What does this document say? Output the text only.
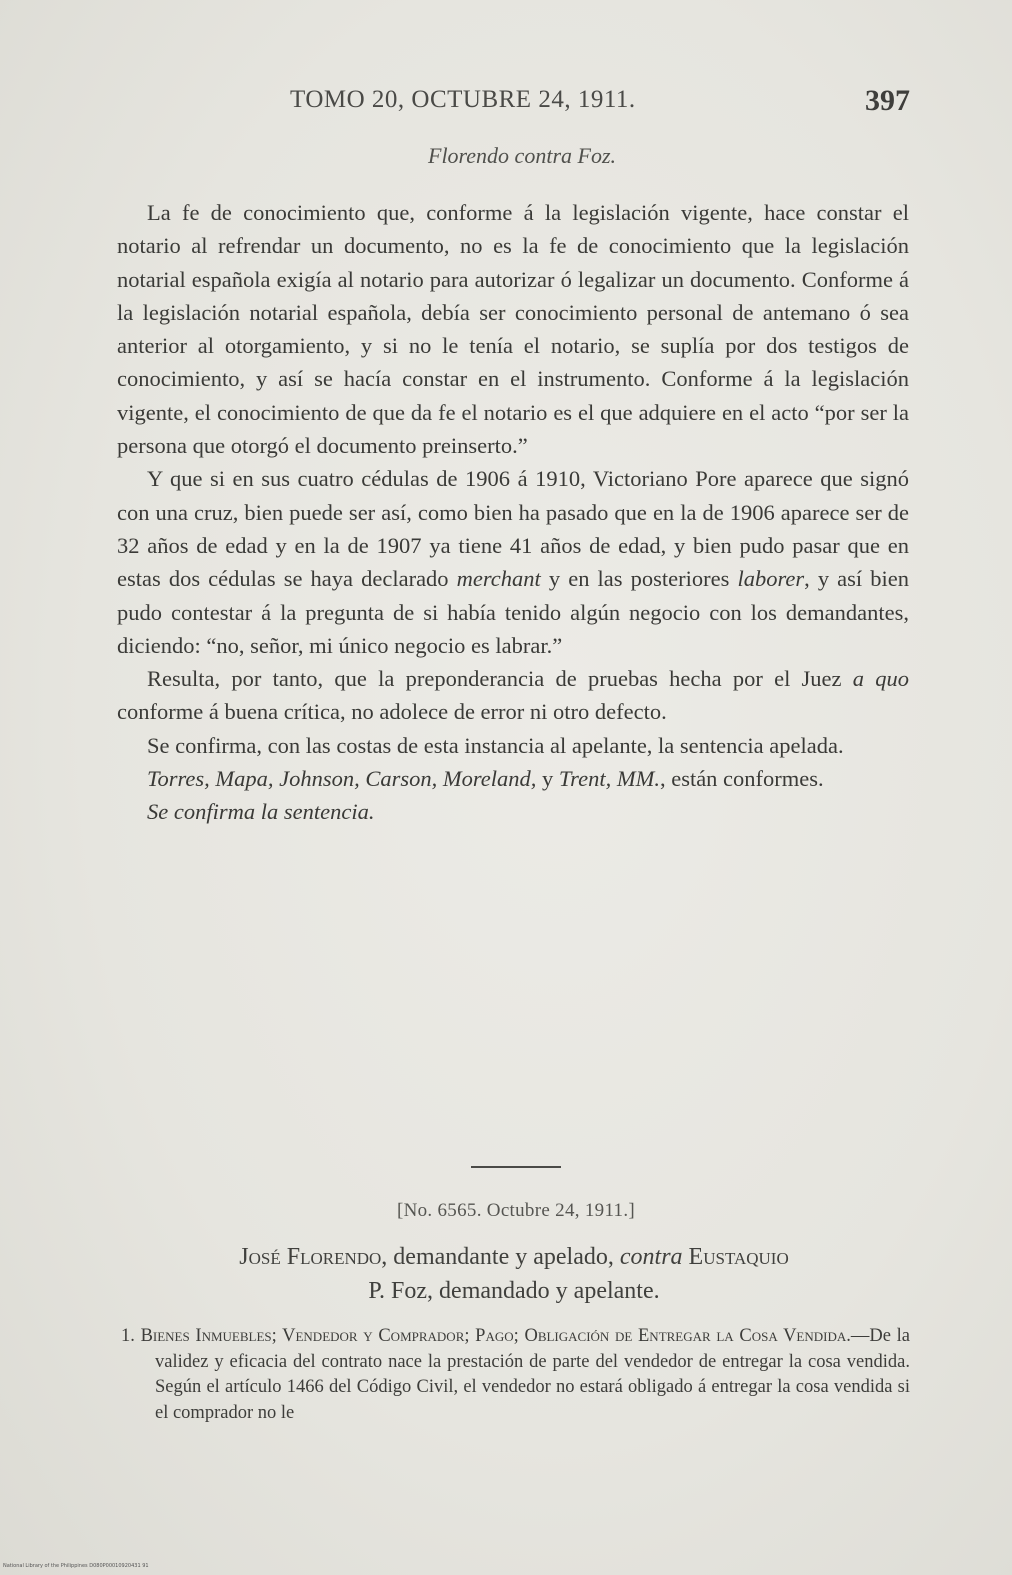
TOMO 20, OCTUBRE 24, 1911.	397
Florendo contra Foz.

La fe de conocimiento que, conforme á la legislación vigente, hace constar el notario al refrendar un documento, no es la fe de conocimiento que la legislación notarial española exigía al notario para autorizar ó legalizar un documento. Conforme á la legislación notarial española, debía ser conocimiento personal de antemano ó sea anterior al otorgamiento, y si no le tenía el notario, se suplía por dos testigos de conocimiento, y así se hacía constar en el instrumento. Conforme á la legislación vigente, el conocimiento de que da fe el notario es el que adquiere en el acto “por ser la persona que otorgó el documento preinserto.”

Y que si en sus cuatro cédulas de 1906 á 1910, Victoriano Pore aparece que signó con una cruz, bien puede ser así, como bien ha pasado que en la de 1906 aparece ser de 32 años de edad y en la de 1907 ya tiene 41 años de edad, y bien pudo pasar que en estas dos cédulas se haya declarado merchant y en las posteriores laborer, y así bien pudo contestar á la pregunta de si había tenido algún negocio con los demandantes, diciendo: “no, señor, mi único negocio es labrar.”

Resulta, por tanto, que la preponderancia de pruebas hecha por el Juez a quo conforme á buena crítica, no adolece de error ni otro defecto.

Se confirma, con las costas de esta instancia al apelante, la sentencia apelada.

Torres, Mapa, Johnson, Carson, Moreland, y Trent, MM., están conformes.

Se confirma la sentencia.

[No. 6565. Octubre 24, 1911.]
José Florendo, demandante y apelado, contra Eustaquio
P. Foz, demandado y apelante.
1. Bienes Inmuebles; Vendedor y Comprador; Pago; Obligación de Entregar la Cosa Vendida.—De la validez y eficacia del contrato nace la prestación de parte del vendedor de entregar la cosa vendida. Según el artículo 1466 del Código Civil, el vendedor no estará obligado á entregar la cosa vendida si el comprador no le
National Library of the Philippines D080P00010920431 91
